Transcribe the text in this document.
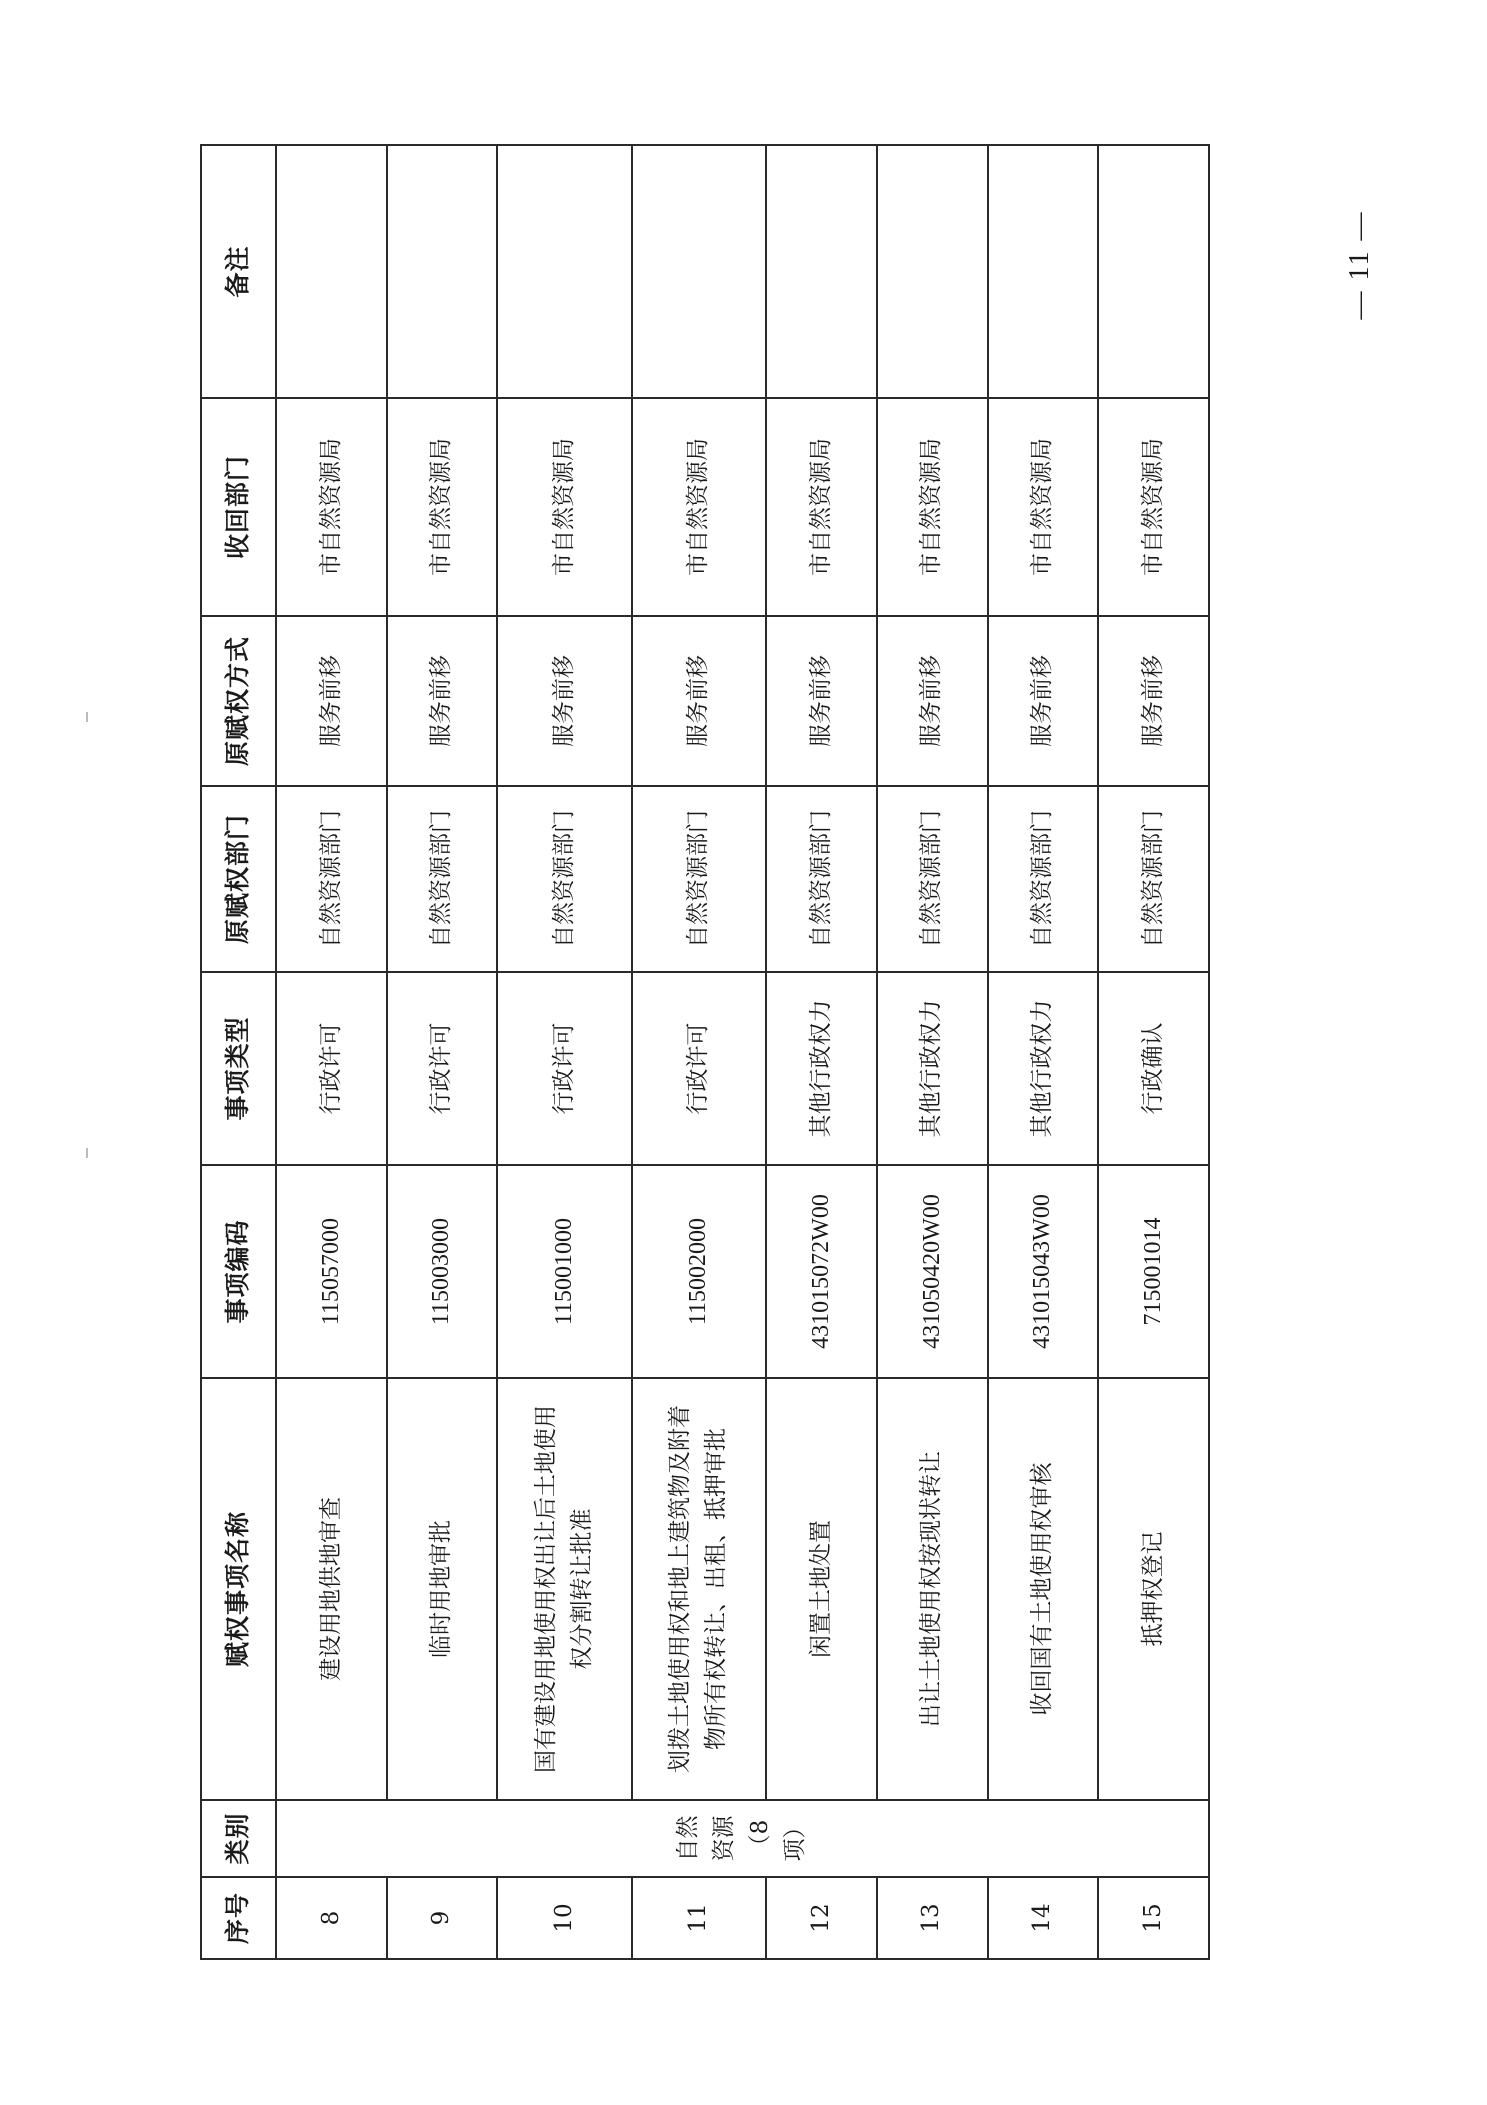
序号	类别	赋权事项名称	事项编码	事项类型	原赋权部门	原赋权方式	收回部门	备注
8	自然资源（8项）	建设用地供地审查	115057000	行政许可	自然资源部门	服务前移	市自然资源局	
9		临时用地审批	115003000	行政许可	自然资源部门	服务前移	市自然资源局	
10		国有建设用地使用权出让后土地使用权分割转让批准	115001000	行政许可	自然资源部门	服务前移	市自然资源局	
11		划拨土地使用权和地上建筑物及附着物所有权转让、出租、抵押审批	115002000	行政许可	自然资源部门	服务前移	市自然资源局	
12		闲置土地处置	431015072W00	其他行政权力	自然资源部门	服务前移	市自然资源局	
13		出让土地使用权按现状转让	431050420W00	其他行政权力	自然资源部门	服务前移	市自然资源局	
14		收回国有土地使用权审核	431015043W00	其他行政权力	自然资源部门	服务前移	市自然资源局	
15		抵押权登记	715001014	行政确认	自然资源部门	服务前移	市自然资源局	
— 11 —
